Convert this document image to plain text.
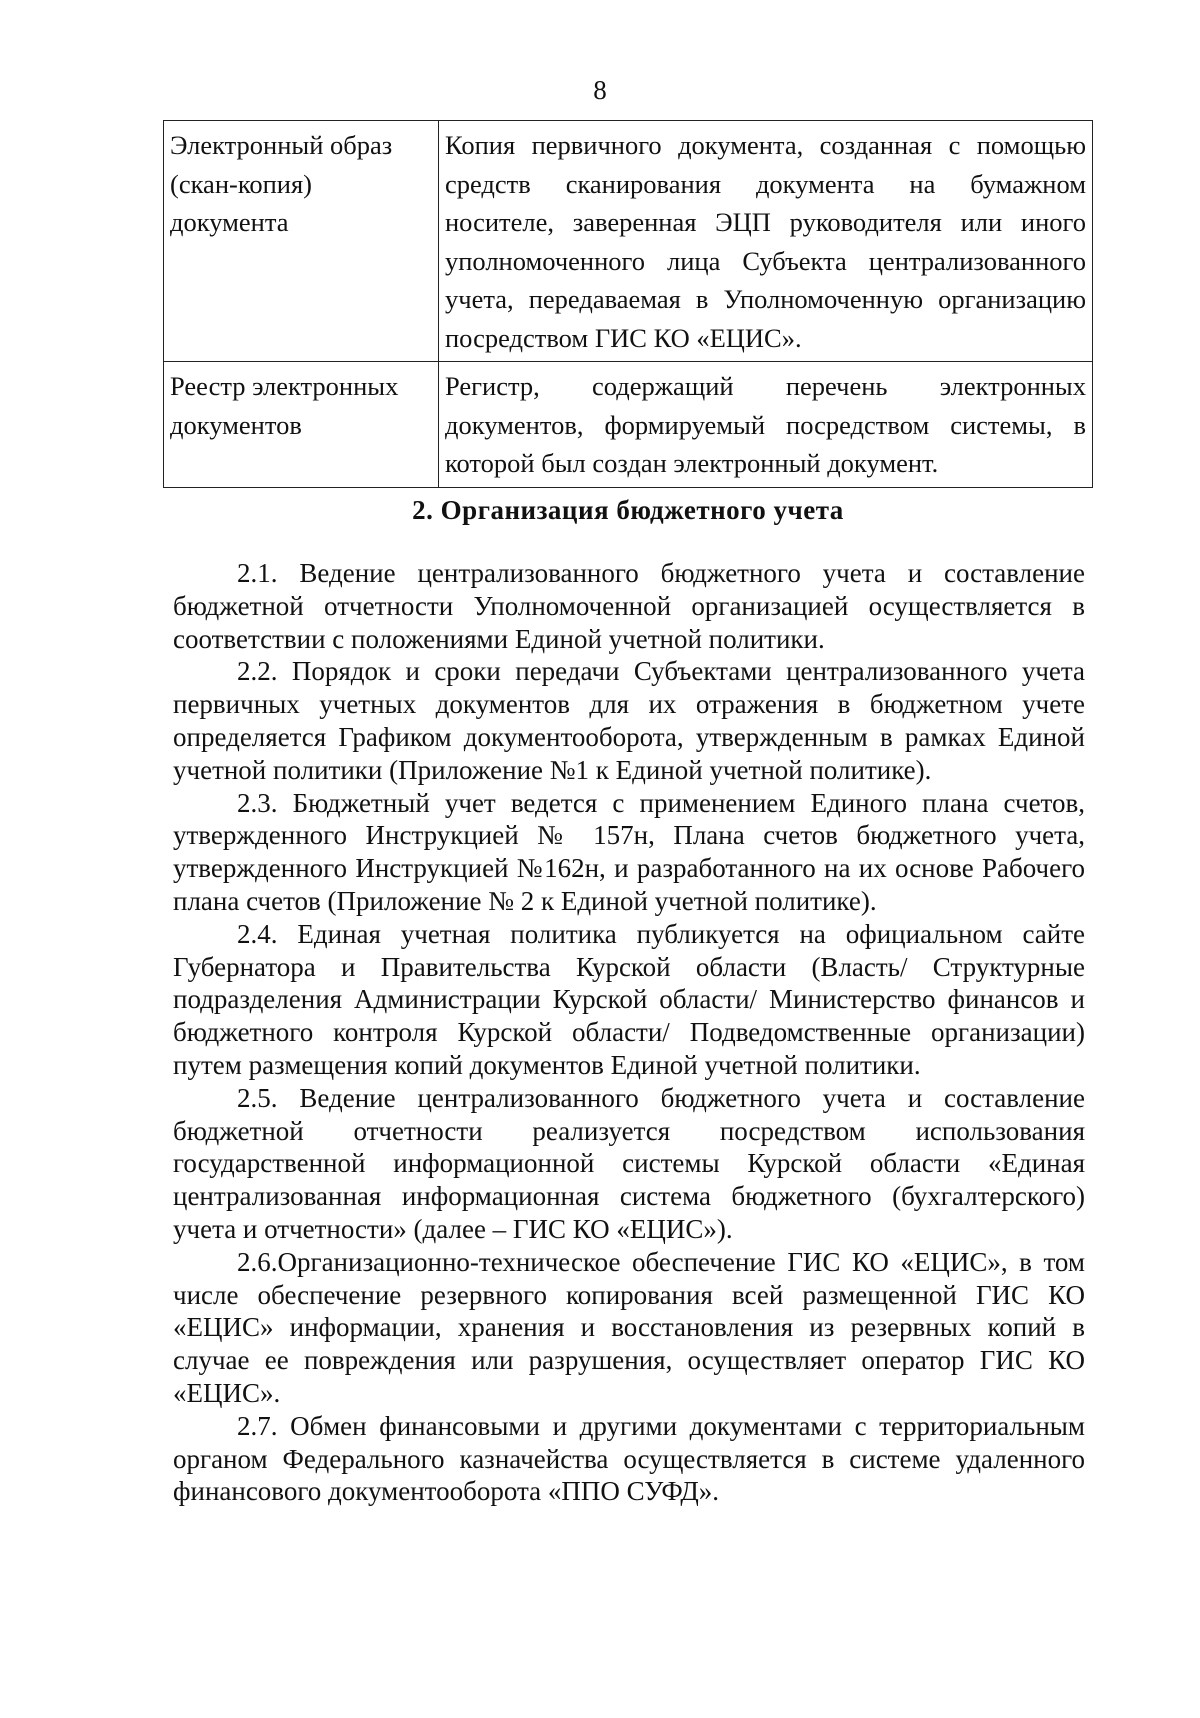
8
Электронный образ (скан-копия) документа	Копия первичного документа, созданная с помощью средств сканирования документа на бумажном носителе, заверенная ЭЦП руководителя или иного уполномоченного лица Субъекта централизованного учета, передаваемая в Уполномоченную организацию посредством ГИС КО «ЕЦИС».
Реестр электронных документов	Регистр, содержащий перечень электронных документов, формируемый посредством системы, в которой был создан электронный документ.
2. Организация бюджетного учета

2.1. Ведение централизованного бюджетного учета и составление бюджетной отчетности Уполномоченной организацией осуществляется в соответствии с положениями Единой учетной политики.

2.2. Порядок и сроки передачи Субъектами централизованного учета первичных учетных документов для их отражения в бюджетном учете определяется Графиком документооборота, утвержденным в рамках Единой учетной политики (Приложение №1 к Единой учетной политике).

2.3. Бюджетный учет ведется с применением Единого плана счетов, утвержденного Инструкцией № 157н, Плана счетов бюджетного учета, утвержденного Инструкцией №162н, и разработанного на их основе Рабочего плана счетов (Приложение № 2 к Единой учетной политике).

2.4. Единая учетная политика публикуется на официальном сайте Губернатора и Правительства Курской области (Власть/ Структурные подразделения Администрации Курской области/ Министерство финансов и бюджетного контроля Курской области/ Подведомственные организации) путем размещения копий документов Единой учетной политики.

2.5. Ведение централизованного бюджетного учета и составление бюджетной отчетности реализуется посредством использования государственной информационной системы Курской области «Единая централизованная информационная система бюджетного (бухгалтерского) учета и отчетности» (далее – ГИС КО «ЕЦИС»).

2.6.Организационно-техническое обеспечение ГИС КО «ЕЦИС», в том числе обеспечение резервного копирования всей размещенной ГИС КО «ЕЦИС» информации, хранения и восстановления из резервных копий в случае ее повреждения или разрушения, осуществляет оператор ГИС КО «ЕЦИС».

2.7. Обмен финансовыми и другими документами с территориальным органом Федерального казначейства осуществляется в системе удаленного финансового документооборота «ППО СУФД».
